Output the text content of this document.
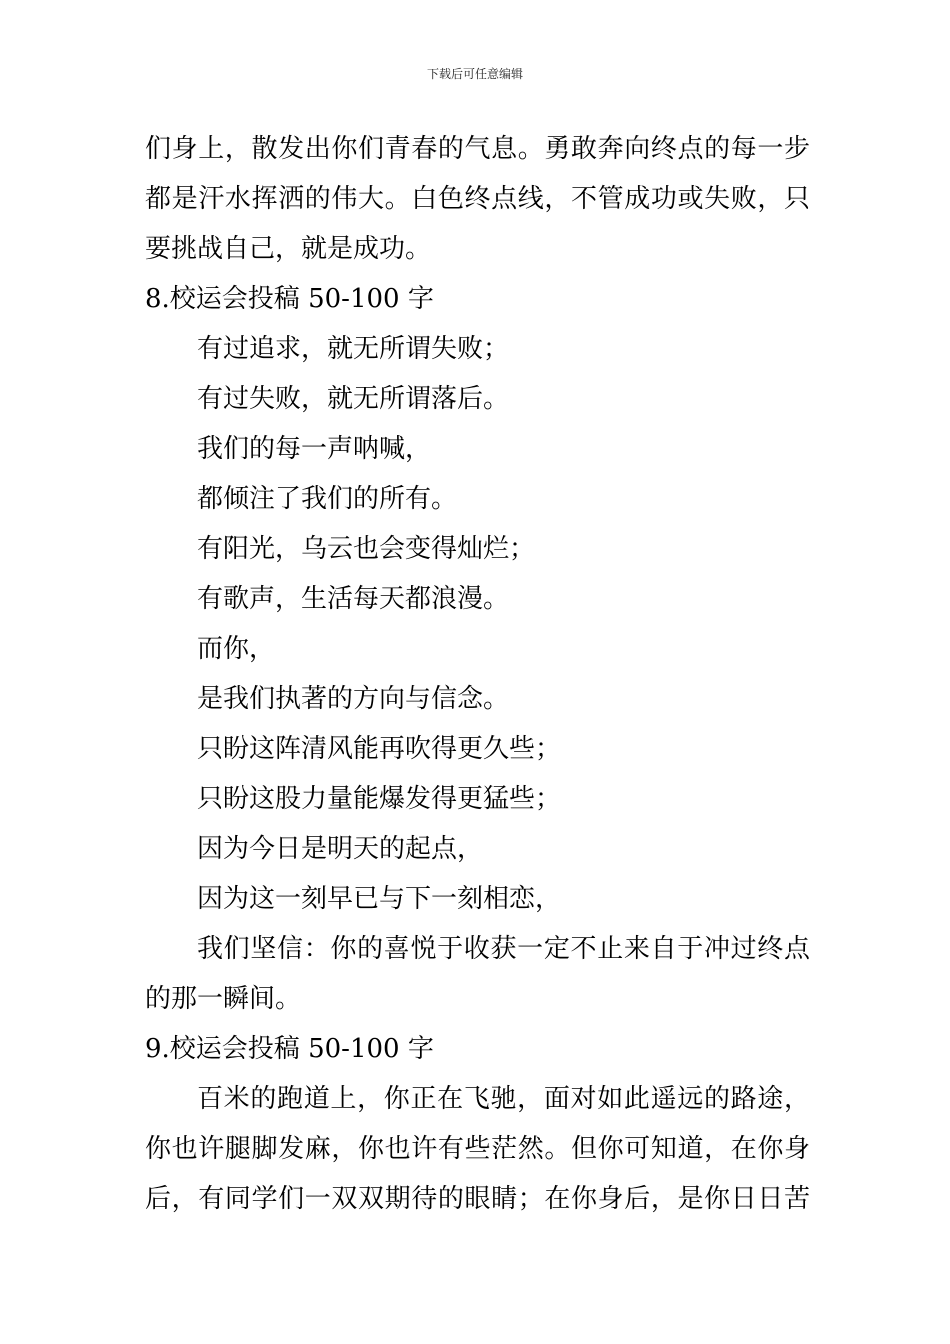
下载后可任意编辑
们身上，散发出你们青春的气息。勇敢奔向终点的每一步
都是汗水挥洒的伟大。白色终点线，不管成功或失败，只
要挑战自己，就是成功。
8.校运会投稿 50-100 字
有过追求，就无所谓失败；
有过失败，就无所谓落后。
我们的每一声呐喊，
都倾注了我们的所有。
有阳光，乌云也会变得灿烂；
有歌声，生活每天都浪漫。
而你，
是我们执著的方向与信念。
只盼这阵清风能再吹得更久些；
只盼这股力量能爆发得更猛些；
因为今日是明天的起点，
因为这一刻早已与下一刻相恋，
我们坚信：你的喜悦于收获一定不止来自于冲过终点
的那一瞬间。
9.校运会投稿 50-100 字
百米的跑道上，你正在飞驰，面对如此遥远的路途，
你也许腿脚发麻，你也许有些茫然。但你可知道，在你身
后，有同学们一双双期待的眼睛；在你身后，是你日日苦
